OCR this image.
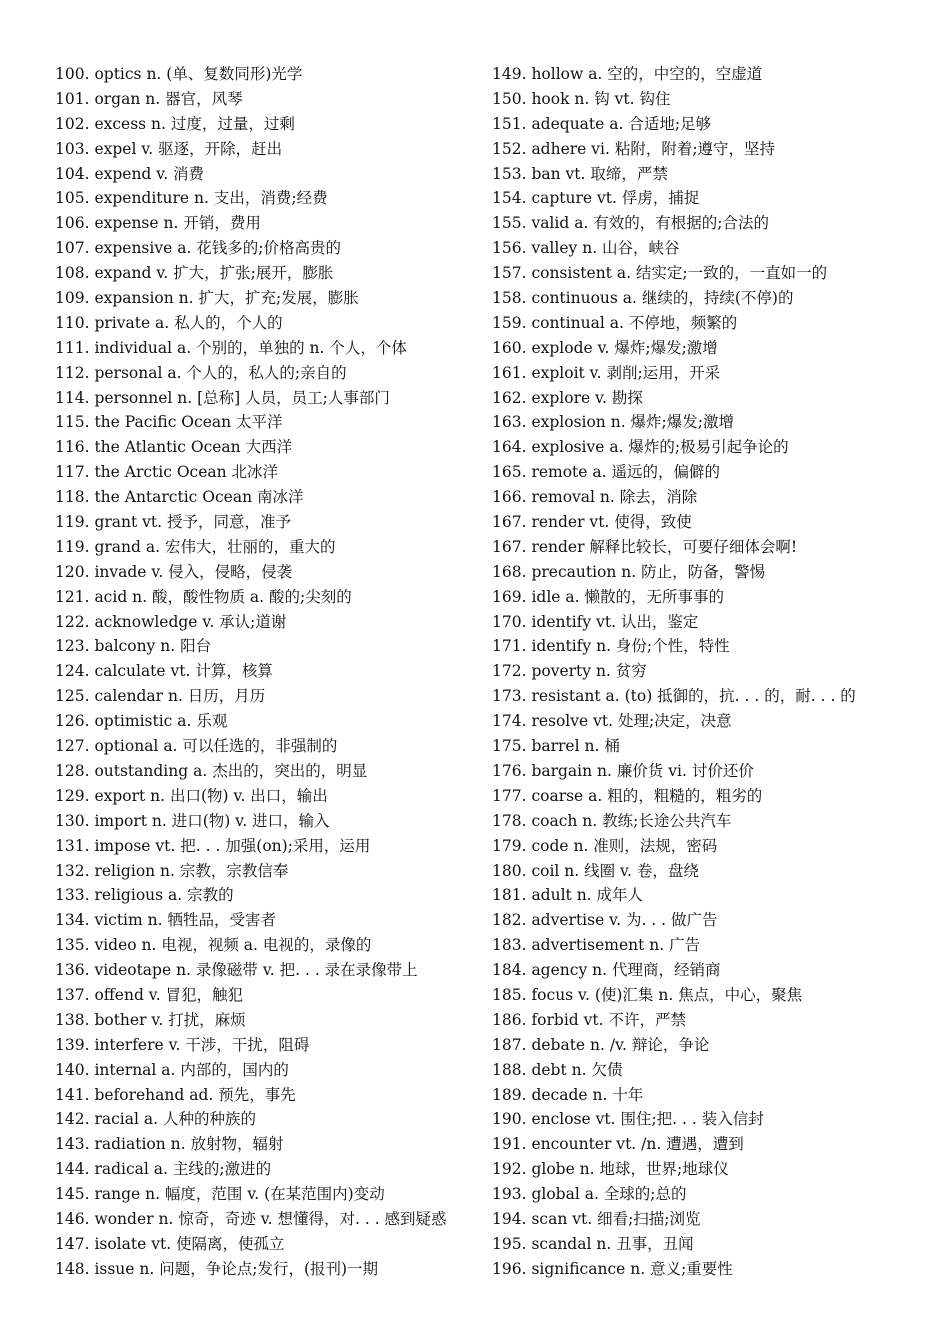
100. optics n. (单、复数同形)光学
101. organ n. 器官，风琴
102. excess n. 过度，过量，过剩
103. expel v. 驱逐，开除，赶出
104. expend v. 消费
105. expenditure n. 支出，消费;经费
106. expense n. 开销，费用
107. expensive a. 花钱多的;价格高贵的
108. expand v. 扩大，扩张;展开，膨胀
109. expansion n. 扩大，扩充;发展，膨胀
110. private a. 私人的，个人的
111. individual a. 个别的，单独的 n. 个人，个体
112. personal a. 个人的，私人的;亲自的
114. personnel n. [总称] 人员，员工;人事部门
115. the Pacific Ocean 太平洋
116. the Atlantic Ocean 大西洋
117. the Arctic Ocean 北冰洋
118. the Antarctic Ocean 南冰洋
119. grant vt. 授予，同意，准予
119. grand a. 宏伟大，壮丽的，重大的
120. invade v. 侵入，侵略，侵袭
121. acid n. 酸，酸性物质 a. 酸的;尖刻的
122. acknowledge v. 承认;道谢
123. balcony n. 阳台
124. calculate vt. 计算，核算
125. calendar n. 日历，月历
126. optimistic a. 乐观
127. optional a. 可以任选的，非强制的
128. outstanding a. 杰出的，突出的，明显
129. export n. 出口(物) v. 出口，输出
130. import n. 进口(物) v. 进口，输入
131. impose vt. 把. . . 加强(on);采用，运用
132. religion n. 宗教，宗教信奉
133. religious a. 宗教的
134. victim n. 牺牲品，受害者
135. video n. 电视，视频 a. 电视的，录像的
136. videotape n. 录像磁带 v. 把. . . 录在录像带上
137. offend v. 冒犯，触犯
138. bother v. 打扰，麻烦
139. interfere v. 干涉，干扰，阻碍
140. internal a. 内部的，国内的
141. beforehand ad. 预先，事先
142. racial a. 人种的种族的
143. radiation n. 放射物，辐射
144. radical a. 主线的;激进的
145. range n. 幅度，范围 v. (在某范围内)变动
146. wonder n. 惊奇，奇迹 v. 想懂得，对. . . 感到疑惑
147. isolate vt. 使隔离，使孤立
148. issue n. 问题，争论点;发行，(报刊)一期
149. hollow a. 空的，中空的，空虚道
150. hook n. 钩 vt. 钩住
151. adequate a. 合适地;足够
152. adhere vi. 粘附，附着;遵守，坚持
153. ban vt. 取缔，严禁
154. capture vt. 俘虏，捕捉
155. valid a. 有效的，有根据的;合法的
156. valley n. 山谷，峡谷
157. consistent a. 结实定;一致的，一直如一的
158. continuous a. 继续的，持续(不停)的
159. continual a. 不停地，频繁的
160. explode v. 爆炸;爆发;激增
161. exploit v. 剥削;运用，开采
162. explore v. 勘探
163. explosion n. 爆炸;爆发;激增
164. explosive a. 爆炸的;极易引起争论的
165. remote a. 遥远的，偏僻的
166. removal n. 除去，消除
167. render vt. 使得，致使
167. render 解释比较长，可要仔细体会啊!
168. precaution n. 防止，防备，警惕
169. idle a. 懒散的，无所事事的
170. identify vt. 认出，鉴定
171. identify n. 身份;个性，特性
172. poverty n. 贫穷
173. resistant a. (to) 抵御的，抗. . . 的，耐. . . 的
174. resolve vt. 处理;决定，决意
175. barrel n. 桶
176. bargain n. 廉价货 vi. 讨价还价
177. coarse a. 粗的，粗糙的，粗劣的
178. coach n. 教练;长途公共汽车
179. code n. 准则，法规，密码
180. coil n. 线圈 v. 卷，盘绕
181. adult n. 成年人
182. advertise v. 为. . . 做广告
183. advertisement n. 广告
184. agency n. 代理商，经销商
185. focus v. (使)汇集 n. 焦点，中心，聚焦
186. forbid vt. 不许，严禁
187. debate n. /v. 辩论，争论
188. debt n. 欠债
189. decade n. 十年
190. enclose vt. 围住;把. . . 装入信封
191. encounter vt. /n. 遭遇，遭到
192. globe n. 地球，世界;地球仪
193. global a. 全球的;总的
194. scan vt. 细看;扫描;浏览
195. scandal n. 丑事，丑闻
196. significance n. 意义;重要性
